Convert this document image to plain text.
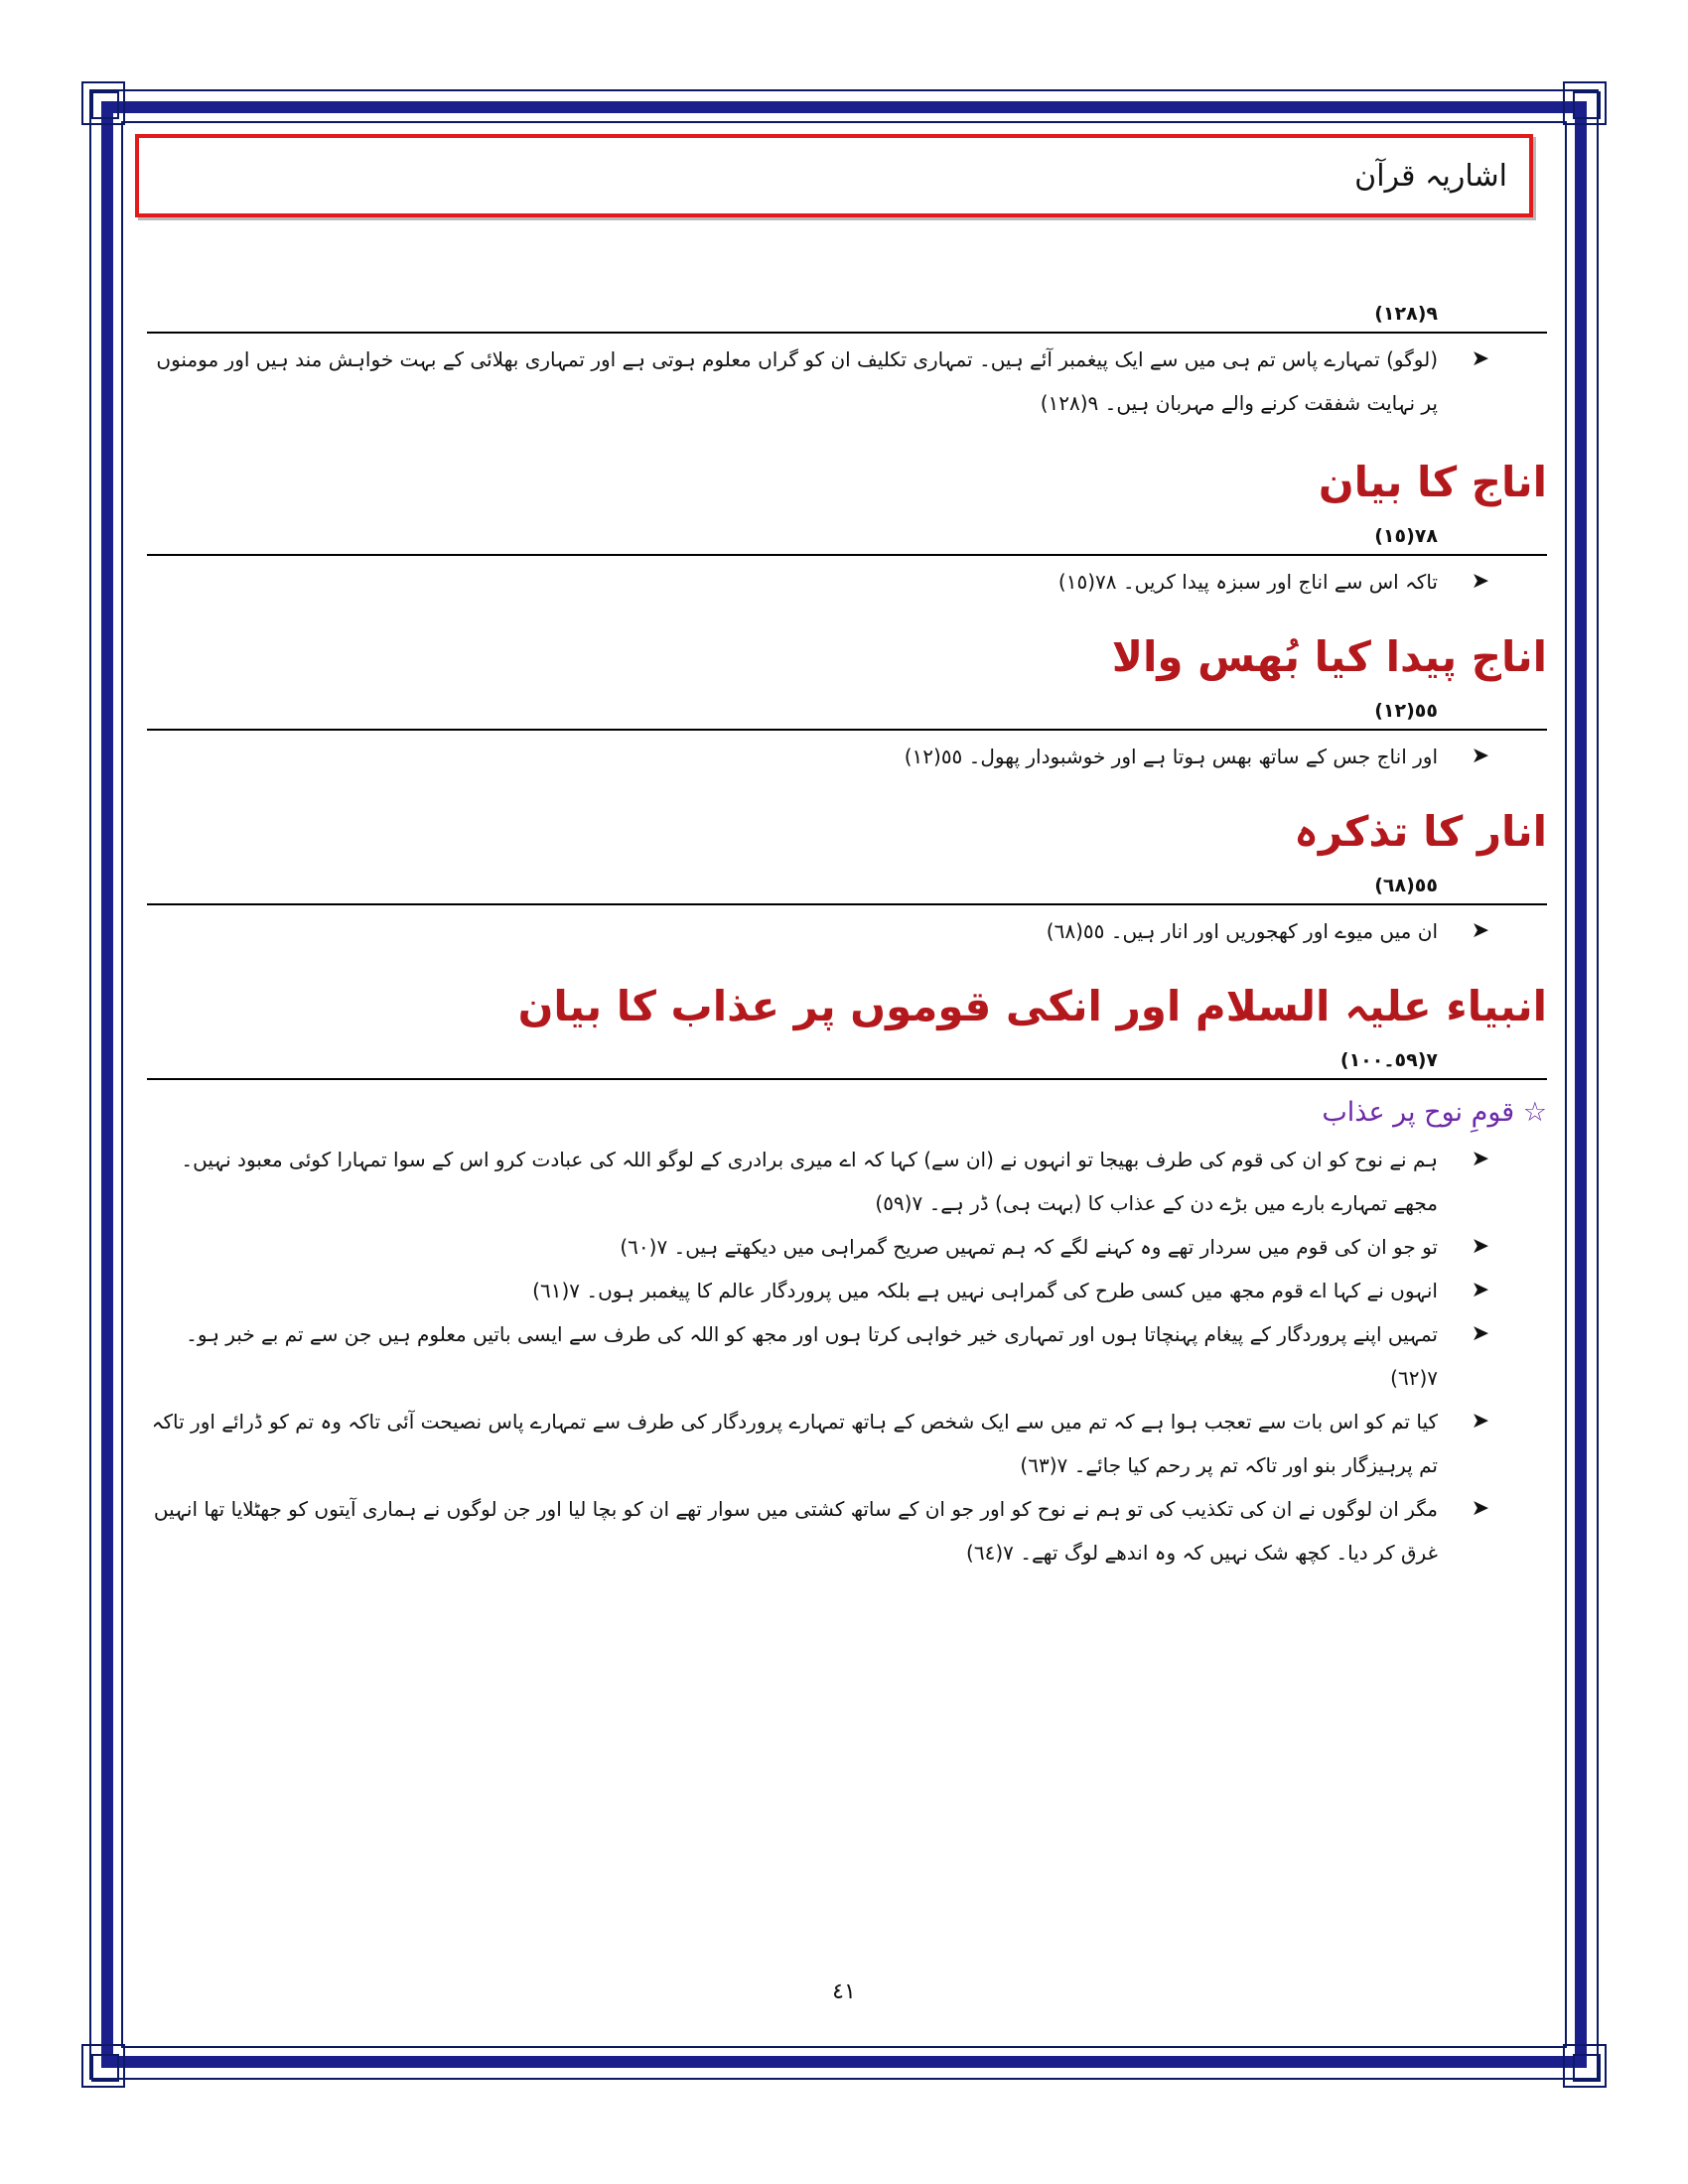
اشاریہ قرآن
٩(١٢٨)
➤
(لوگو) تمہارے پاس تم ہی میں سے ایک پیغمبر آئے ہیں۔ تمہاری تکلیف ان کو گراں معلوم ہوتی ہے اور تمہاری بھلائی کے بہت خواہش مند ہیں اور مومنوں پر نہایت شفقت کرنے والے مہربان ہیں۔ ٩(١٢٨)
اناج کا بیان
٧٨(١٥)
➤
تاکہ اس سے اناج اور سبزہ پیدا کریں۔ ٧٨(١٥)
اناج پیدا کیا بُھس والا
٥٥(١٢)
➤
اور اناج جس کے ساتھ بھس ہوتا ہے اور خوشبودار پھول۔ ٥٥(١٢)
انار کا تذکرہ
٥٥(٦٨)
➤
ان میں میوے اور کھجوریں اور انار ہیں۔ ٥٥(٦٨)
انبیاء علیہ السلام اور انکی قوموں پر عذاب کا بیان
٧(٥٩۔١٠٠)
☆ قومِ نوح پر عذاب
➤
ہم نے نوح کو ان کی قوم کی طرف بھیجا تو انہوں نے (ان سے) کہا کہ اے میری برادری کے لوگو اللہ کی عبادت کرو اس کے سوا تمہارا کوئی معبود نہیں۔ مجھے تمہارے بارے میں بڑے دن کے عذاب کا (بہت ہی) ڈر ہے۔ ٧(٥٩)
➤
تو جو ان کی قوم میں سردار تھے وہ کہنے لگے کہ ہم تمہیں صریح گمراہی میں دیکھتے ہیں۔ ٧(٦٠)
➤
انہوں نے کہا اے قوم مجھ میں کسی طرح کی گمراہی نہیں ہے بلکہ میں پروردگار عالم کا پیغمبر ہوں۔ ٧(٦١)
➤
تمہیں اپنے پروردگار کے پیغام پہنچاتا ہوں اور تمہاری خیر خواہی کرتا ہوں اور مجھ کو اللہ کی طرف سے ایسی باتیں معلوم ہیں جن سے تم بے خبر ہو۔ ٧(٦٢)
➤
کیا تم کو اس بات سے تعجب ہوا ہے کہ تم میں سے ایک شخص کے ہاتھ تمہارے پروردگار کی طرف سے تمہارے پاس نصیحت آئی تاکہ وہ تم کو ڈرائے اور تاکہ تم پرہیزگار بنو اور تاکہ تم پر رحم کیا جائے۔ ٧(٦٣)
➤
مگر ان لوگوں نے ان کی تکذیب کی تو ہم نے نوح کو اور جو ان کے ساتھ کشتی میں سوار تھے ان کو بچا لیا اور جن لوگوں نے ہماری آیتوں کو جھٹلایا تھا انہیں غرق کر دیا۔ کچھ شک نہیں کہ وہ اندھے لوگ تھے۔ ٧(٦٤)
٤١
